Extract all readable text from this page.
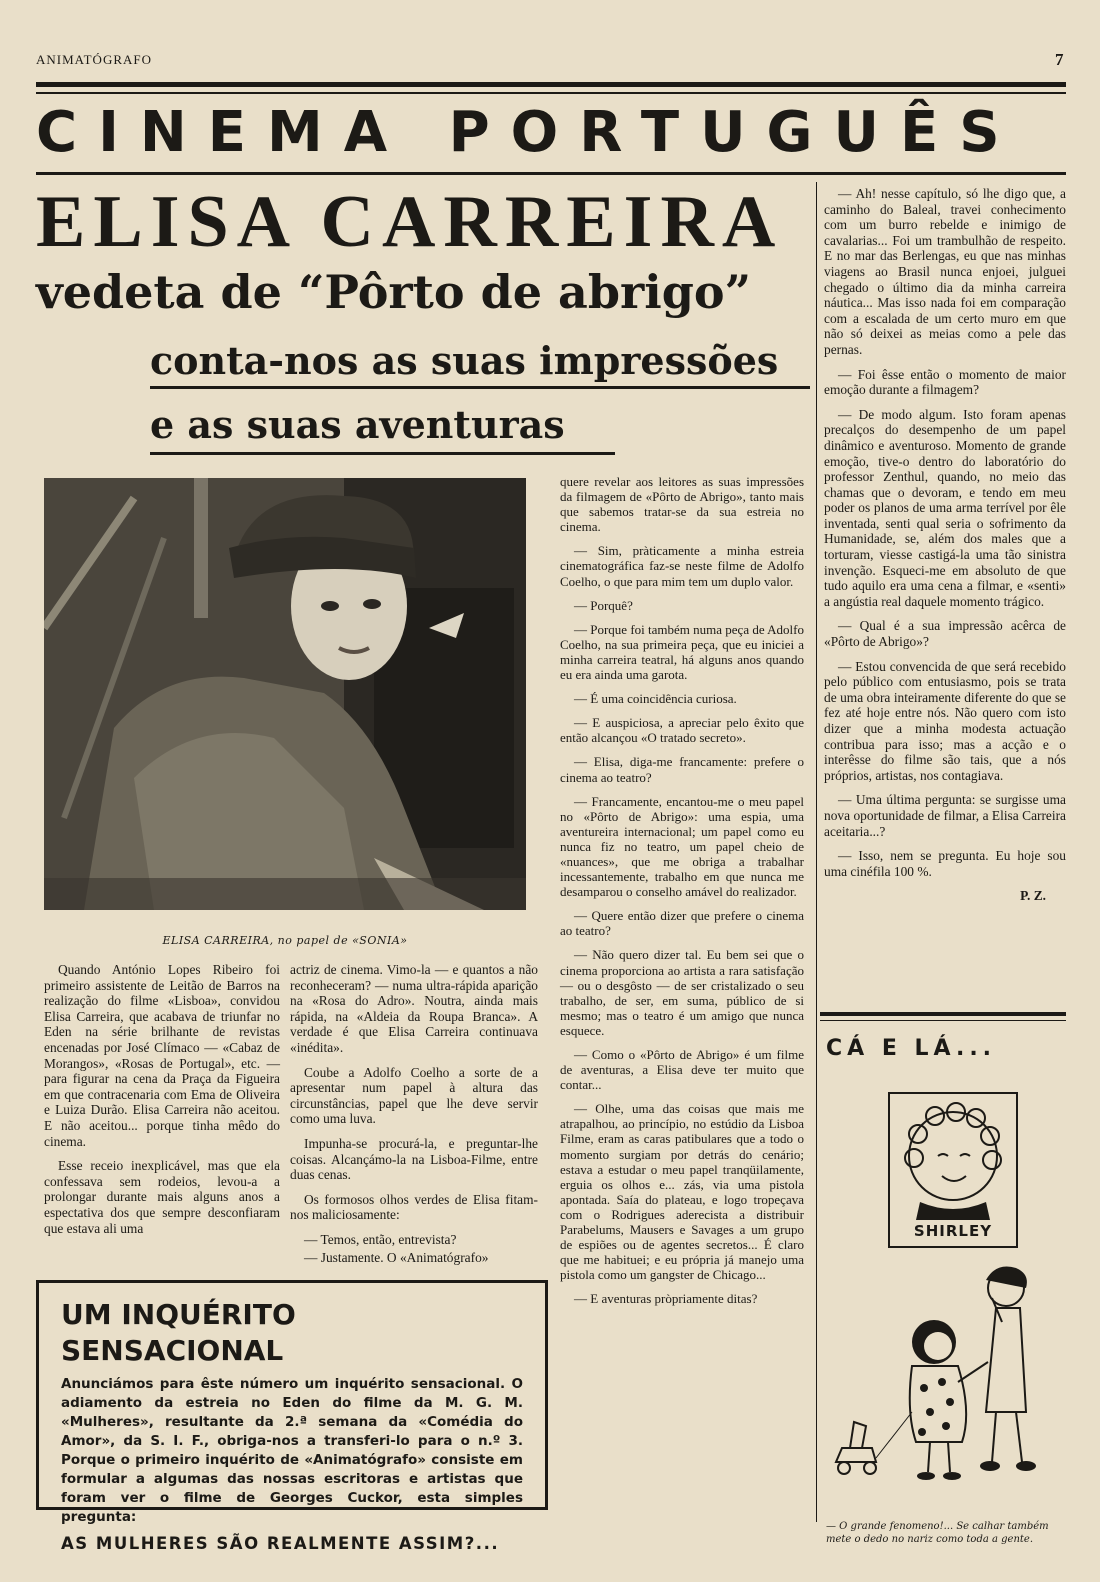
ANIMATÓGRAFO	7
CINEMA PORTUGUÊS
ELISA CARREIRA
vedeta de “Pôrto de abrigo”
conta-nos as suas impressões
e as suas aventuras
ELISA CARREIRA, no papel de «SONIA»

Quando António Lopes Ribeiro foi primeiro assistente de Leitão de Barros na realização do filme «Lisboa», convidou Elisa Carreira, que acabava de triunfar no Eden na série brilhante de revistas encenadas por José Clímaco — «Cabaz de Morangos», «Rosas de Portugal», etc. — para figurar na cena da Praça da Figueira em que contracenaria com Ema de Oliveira e Luiza Durão. Elisa Carreira não aceitou. E não aceitou... porque tinha mêdo do cinema.

Esse receio inexplicável, mas que ela confessava sem rodeios, levou-a a prolongar durante mais alguns anos a espectativa dos que sempre desconfiaram que estava ali uma

actriz de cinema. Vimo-la — e quantos a não reconheceram? — numa ultra-rápida aparição na «Rosa do Adro». Noutra, ainda mais rápida, na «Aldeia da Roupa Branca». A verdade é que Elisa Carreira continuava «inédita».

Coube a Adolfo Coelho a sorte de a apresentar num papel à altura das circunstâncias, papel que lhe deve servir como uma luva.

Impunha-se procurá-la, e preguntar-lhe coisas. Alcançámo-la na Lisboa-Filme, entre duas cenas.

Os formosos olhos verdes de Elisa fitam-nos maliciosamente:

— Temos, então, entrevista?

— Justamente. O «Animatógrafo»

quere revelar aos leitores as suas impressões da filmagem de «Pôrto de Abrigo», tanto mais que sabemos tratar-se da sua estreia no cinema.

— Sim, pràticamente a minha estreia cinematográfica faz-se neste filme de Adolfo Coelho, o que para mim tem um duplo valor.

— Porquê?

— Porque foi também numa peça de Adolfo Coelho, na sua primeira peça, que eu iniciei a minha carreira teatral, há alguns anos quando eu era ainda uma garota.

— É uma coincidência curiosa.

— E auspiciosa, a apreciar pelo êxito que então alcançou «O tratado secreto».

— Elisa, diga-me francamente: prefere o cinema ao teatro?

— Francamente, encantou-me o meu papel no «Pôrto de Abrigo»: uma espia, uma aventureira internacional; um papel como eu nunca fiz no teatro, um papel cheio de «nuances», que me obriga a trabalhar incessantemente, trabalho em que nunca me desamparou o conselho amável do realizador.

— Quere então dizer que prefere o cinema ao teatro?

— Não quero dizer tal. Eu bem sei que o cinema proporciona ao artista a rara satisfação — ou o desgôsto — de ser cristalizado o seu trabalho, de ser, em suma, público de si mesmo; mas o teatro é um amigo que nunca esquece.

— Como o «Pôrto de Abrigo» é um filme de aventuras, a Elisa deve ter muito que contar...

— Olhe, uma das coisas que mais me atrapalhou, ao princípio, no estúdio da Lisboa Filme, eram as caras patibulares que a todo o momento surgiam por detrás do cenário; estava a estudar o meu papel tranqüilamente, erguia os olhos e... zás, via uma pistola apontada. Saía do plateau, e logo tropeçava com o Rodrigues aderecista a distribuir Parabelums, Mausers e Savages a um grupo de espiões ou de agentes secretos... É claro que me habituei; e eu própria já manejo uma pistola como um gangster de Chicago...

— E aventuras pròpriamente ditas?

— Ah! nesse capítulo, só lhe digo que, a caminho do Baleal, travei conhecimento com um burro rebelde e inimigo de cavalarias... Foi um trambulhão de respeito. E no mar das Berlengas, eu que nas minhas viagens ao Brasil nunca enjoei, julguei chegado o último dia da minha carreira náutica... Mas isso nada foi em comparação com a escalada de um certo muro em que não só deixei as meias como a pele das pernas.

— Foi êsse então o momento de maior emoção durante a filmagem?

— De modo algum. Isto foram apenas precalços do desempenho de um papel dinâmico e aventuroso. Momento de grande emoção, tive-o dentro do laboratório do professor Zenthul, quando, no meio das chamas que o devoram, e tendo em meu poder os planos de uma arma terrível por êle inventada, senti qual seria o sofrimento da Humanidade, se, além dos males que a torturam, viesse castigá-la uma tão sinistra invenção. Esqueci-me em absoluto de que tudo aquilo era uma cena a filmar, e «senti» a angústia real daquele momento trágico.

— Qual é a sua impressão acêrca de «Pôrto de Abrigo»?

— Estou convencida de que será recebido pelo público com entusiasmo, pois se trata de uma obra inteiramente diferente do que se fez até hoje entre nós. Não quero com isto dizer que a minha modesta actuação contribua para isso; mas a acção e o interêsse do filme são tais, que a nós próprios, artistas, nos contagiava.

— Uma última pergunta: se surgisse uma nova oportunidade de filmar, a Elisa Carreira aceitaria...?

— Isso, nem se pregunta. Eu hoje sou uma cinéfila 100 %.

P. Z.

CÁ E LÁ...
SHIRLEY
— O grande fenomeno!... Se calhar também mete o dedo no nariz como toda a gente.
UM INQUÉRITO SENSACIONAL
Anunciámos para êste número um inquérito sensacional. O adiamento da estreia no Eden do filme da M. G. M. «Mulheres», resultante da 2.ª semana da «Comédia do Amor», da S. I. F., obriga-nos a transferi-lo para o n.º 3. Porque o primeiro inquérito de «Animatógrafo» consiste em formular a algumas das nossas escritoras e artistas que foram ver o filme de Georges Cuckor, esta simples pregunta:
AS MULHERES SÃO REALMENTE ASSIM?...
